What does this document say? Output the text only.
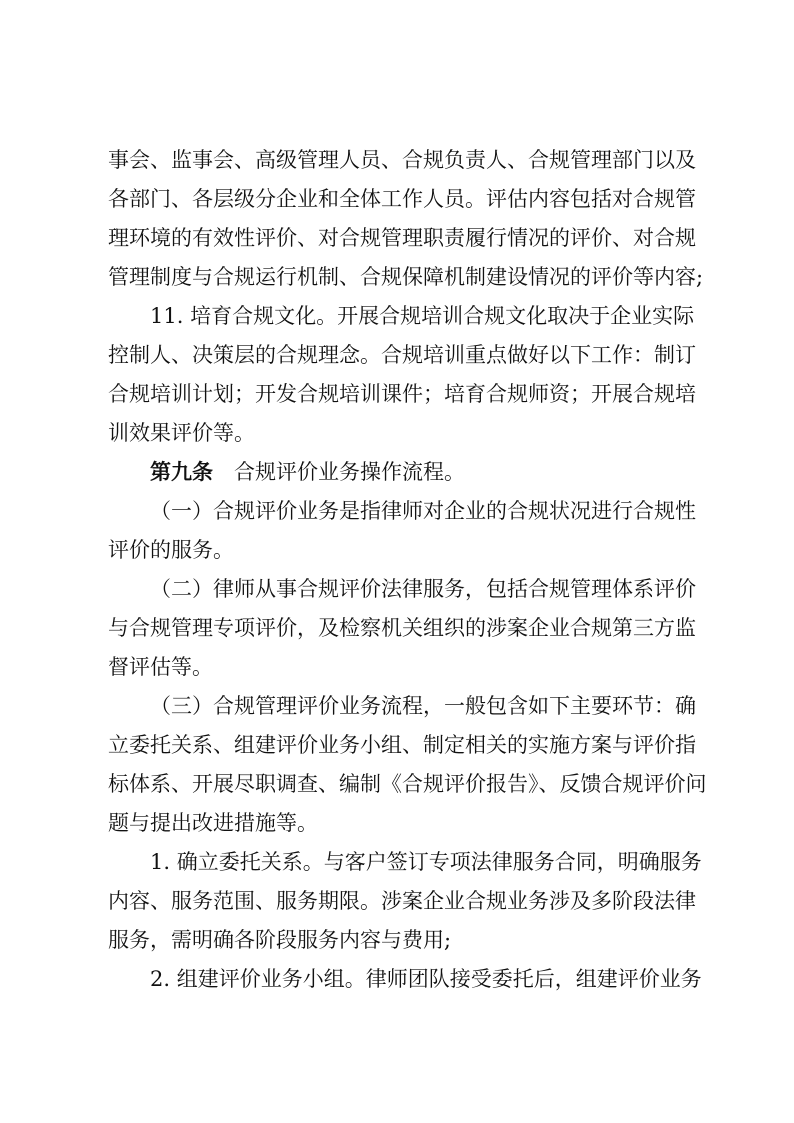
事会、监事会、高级管理人员、合规负责人、合规管理部门以及
各部门、各层级分企业和全体工作人员。评估内容包括对合规管
理环境的有效性评价、对合规管理职责履行情况的评价、对合规
管理制度与合规运行机制、合规保障机制建设情况的评价等内容;
11. 培育合规文化。开展合规培训合规文化取决于企业实际
控制人、决策层的合规理念。合规培训重点做好以下工作：制订
合规培训计划；开发合规培训课件；培育合规师资；开展合规培
训效果评价等。
第九条 合规评价业务操作流程。
（一）合规评价业务是指律师对企业的合规状况进行合规性
评价的服务。
（二）律师从事合规评价法律服务，包括合规管理体系评价
与合规管理专项评价，及检察机关组织的涉案企业合规第三方监
督评估等。
（三）合规管理评价业务流程，一般包含如下主要环节：确
立委托关系、组建评价业务小组、制定相关的实施方案与评价指
标体系、开展尽职调查、编制《合规评价报告》、反馈合规评价问
题与提出改进措施等。
1. 确立委托关系。与客户签订专项法律服务合同，明确服务
内容、服务范围、服务期限。涉案企业合规业务涉及多阶段法律
服务，需明确各阶段服务内容与费用;
2. 组建评价业务小组。律师团队接受委托后，组建评价业务
